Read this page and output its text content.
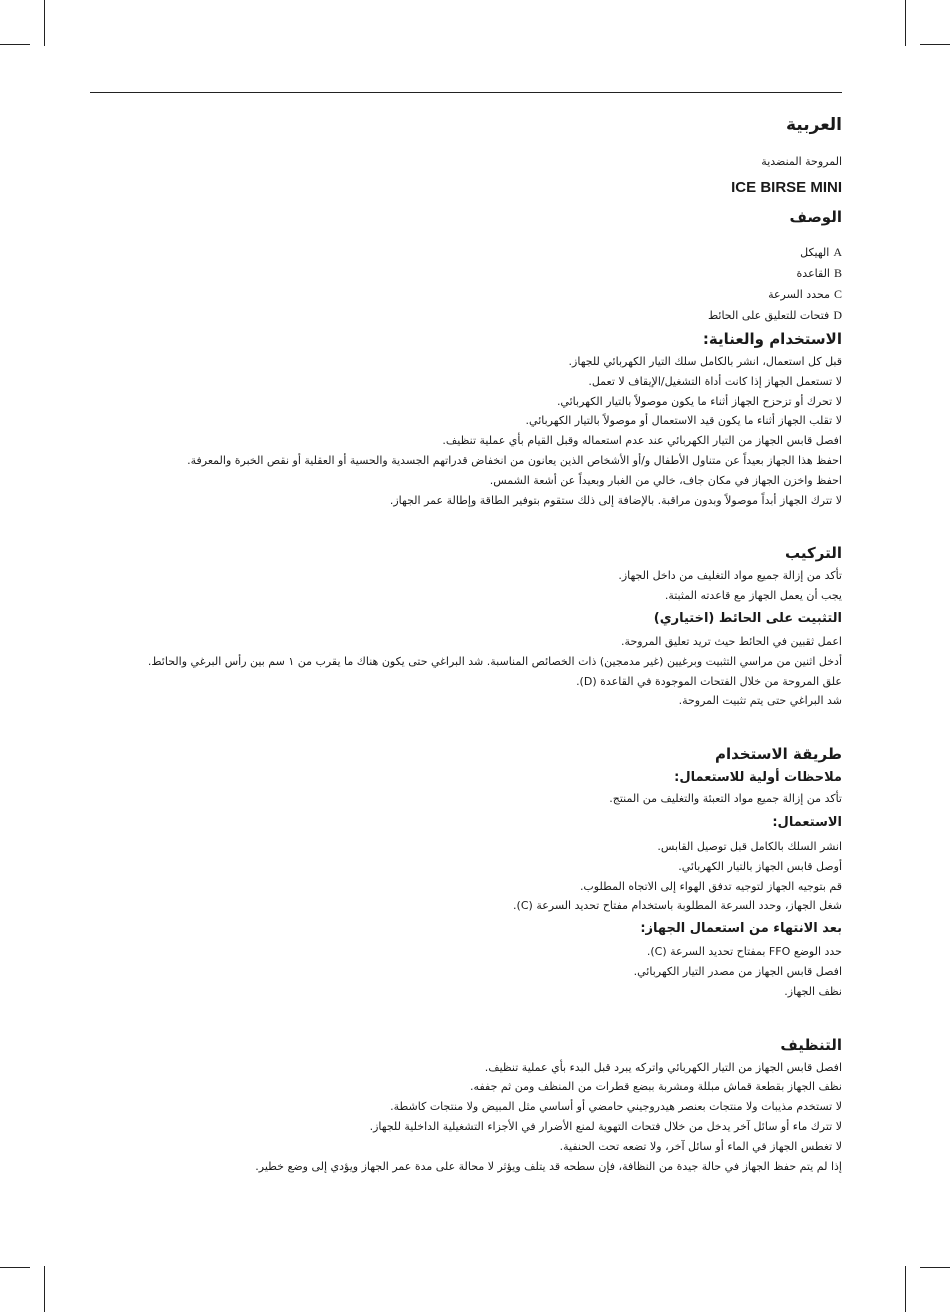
العربية

المروحة المنضدية

ICE BIRSE MINI

الوصف

Aالهيكل
Bالقاعدة
Cمحدد السرعة
Dفتحات للتعليق على الحائط

الاستخدام والعناية:

قبل كل استعمال، انشر بالكامل سلك التيار الكهربائي للجهاز.
لا تستعمل الجهاز إذا كانت أداة التشغيل/الإيقاف لا تعمل.
لا تحرك أو تزحزح الجهاز أثناء ما يكون موصولاً بالتيار الكهربائي.
لا تقلب الجهاز أثناء ما يكون قيد الاستعمال أو موصولاً بالتيار الكهربائي.
افصل قابس الجهاز من التيار الكهربائي عند عدم استعماله وقبل القيام بأي عملية تنظيف.
احفظ هذا الجهاز بعيداً عن متناول الأطفال و/أو الأشخاص الذين يعانون من انخفاض قدراتهم الجسدية والحسية أو العقلية أو نقص الخبرة والمعرفة.
احفظ واخزن الجهاز في مكان جاف، خالي من الغبار وبعيداً عن أشعة الشمس.
لا تترك الجهاز أبداً موصولاً وبدون مراقبة. بالإضافة إلى ذلك ستقوم بتوفير الطاقة وإطالة عمر الجهاز.

التركيب

تأكد من إزالة جميع مواد التغليف من داخل الجهاز.
يجب أن يعمل الجهاز مع قاعدته المثبتة.

التثبيت على الحائط (اختياري)

اعمل ثقبين في الحائط حيث تريد تعليق المروحة.
أدخل اثنين من مراسي التثبيت وبرغيين (غير مدمجين) ذات الخصائص المناسبة. شد البراغي حتى يكون هناك ما يقرب من ١ سم بين رأس البرغي والحائط.
علق المروحة من خلال الفتحات الموجودة في القاعدة (D).
شد البراغي حتى يتم تثبيت المروحة.

طريقة الاستخدام

ملاحظات أولية للاستعمال:

تأكد من إزالة جميع مواد التعبئة والتغليف من المنتج.

الاستعمال:

انشر السلك بالكامل قبل توصيل القابس.
أوصل قابس الجهاز بالتيار الكهربائي.
قم بتوجيه الجهاز لتوجيه تدفق الهواء إلى الاتجاه المطلوب.
شغل الجهاز، وحدد السرعة المطلوبة باستخدام مفتاح تحديد السرعة (C).

بعد الانتهاء من استعمال الجهاز:

حدد الوضع FFO بمفتاح تحديد السرعة (C).
افصل قابس الجهاز من مصدر التيار الكهربائي.
نظف الجهاز.

التنظيف

افصل قابس الجهاز من التيار الكهربائي واتركه يبرد قبل البدء بأي عملية تنظيف.
نظف الجهاز بقطعة قماش مبللة ومشربة ببضع قطرات من المنظف ومن ثم جففه.
لا تستخدم مذيبات ولا منتجات بعنصر هيدروجيني حامضي أو أساسي مثل المبيض ولا منتجات كاشطة.
لا تترك ماء أو سائل آخر يدخل من خلال فتحات التهوية لمنع الأضرار في الأجزاء التشغيلية الداخلية للجهاز.
لا تغطس الجهاز في الماء أو سائل آخر، ولا تضعه تحت الحنفية.
إذا لم يتم حفظ الجهاز في حالة جيدة من النظافة، فإن سطحه قد يتلف ويؤثر لا محالة على مدة عمر الجهاز ويؤدي إلى وضع خطير.
